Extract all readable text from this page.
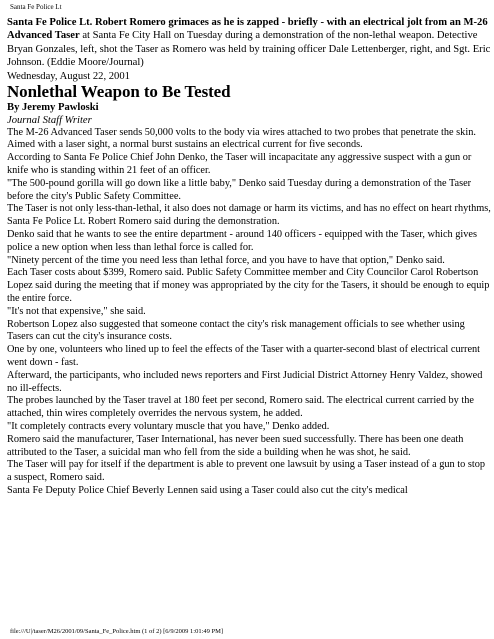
Santa Fe Police Lt

Santa Fe Police Lt. Robert Romero grimaces as he is zapped - briefly - with an electrical jolt from an M-26 Advanced Taser at Santa Fe City Hall on Tuesday during a demonstration of the non-lethal weapon. Detective Bryan Gonzales, left, shot the Taser as Romero was held by training officer Dale Lettenberger, right, and Sgt. Eric Johnson. (Eddie Moore/Journal)

Wednesday, August 22, 2001

Nonlethal Weapon to Be Tested

By Jeremy Pawloski

Journal Staff Writer

The M-26 Advanced Taser sends 50,000 volts to the body via wires attached to two probes that penetrate the skin. Aimed with a laser sight, a normal burst sustains an electrical current for five seconds.

According to Santa Fe Police Chief John Denko, the Taser will incapacitate any aggressive suspect with a gun or knife who is standing within 21 feet of an officer.

"The 500-pound gorilla will go down like a little baby," Denko said Tuesday during a demonstration of the Taser before the city's Public Safety Committee.

The Taser is not only less-than-lethal, it also does not damage or harm its victims, and has no effect on heart rhythms, Santa Fe Police Lt. Robert Romero said during the demonstration.

Denko said that he wants to see the entire department - around 140 officers - equipped with the Taser, which gives police a new option when less than lethal force is called for.

"Ninety percent of the time you need less than lethal force, and you have to have that option," Denko said.

Each Taser costs about $399, Romero said. Public Safety Committee member and City Councilor Carol Robertson Lopez said during the meeting that if money was appropriated by the city for the Tasers, it should be enough to equip the entire force.

"It's not that expensive," she said.

Robertson Lopez also suggested that someone contact the city's risk management officials to see whether using Tasers can cut the city's insurance costs.

One by one, volunteers who lined up to feel the effects of the Taser with a quarter-second blast of electrical current went down - fast.

Afterward, the participants, who included news reporters and First Judicial District Attorney Henry Valdez, showed no ill-effects.

The probes launched by the Taser travel at 180 feet per second, Romero said. The electrical current carried by the attached, thin wires completely overrides the nervous system, he added.

"It completely contracts every voluntary muscle that you have," Denko added.

Romero said the manufacturer, Taser International, has never been sued successfully. There has been one death attributed to the Taser, a suicidal man who fell from the side a building when he was shot, he said.

The Taser will pay for itself if the department is able to prevent one lawsuit by using a Taser instead of a gun to stop a suspect, Romero said.

Santa Fe Deputy Police Chief Beverly Lennen said using a Taser could also cut the city's medical

file:///U|/taser/M26/2001/09/Santa_Fe_Police.htm (1 of 2) [6/9/2009 1:01:49 PM]
